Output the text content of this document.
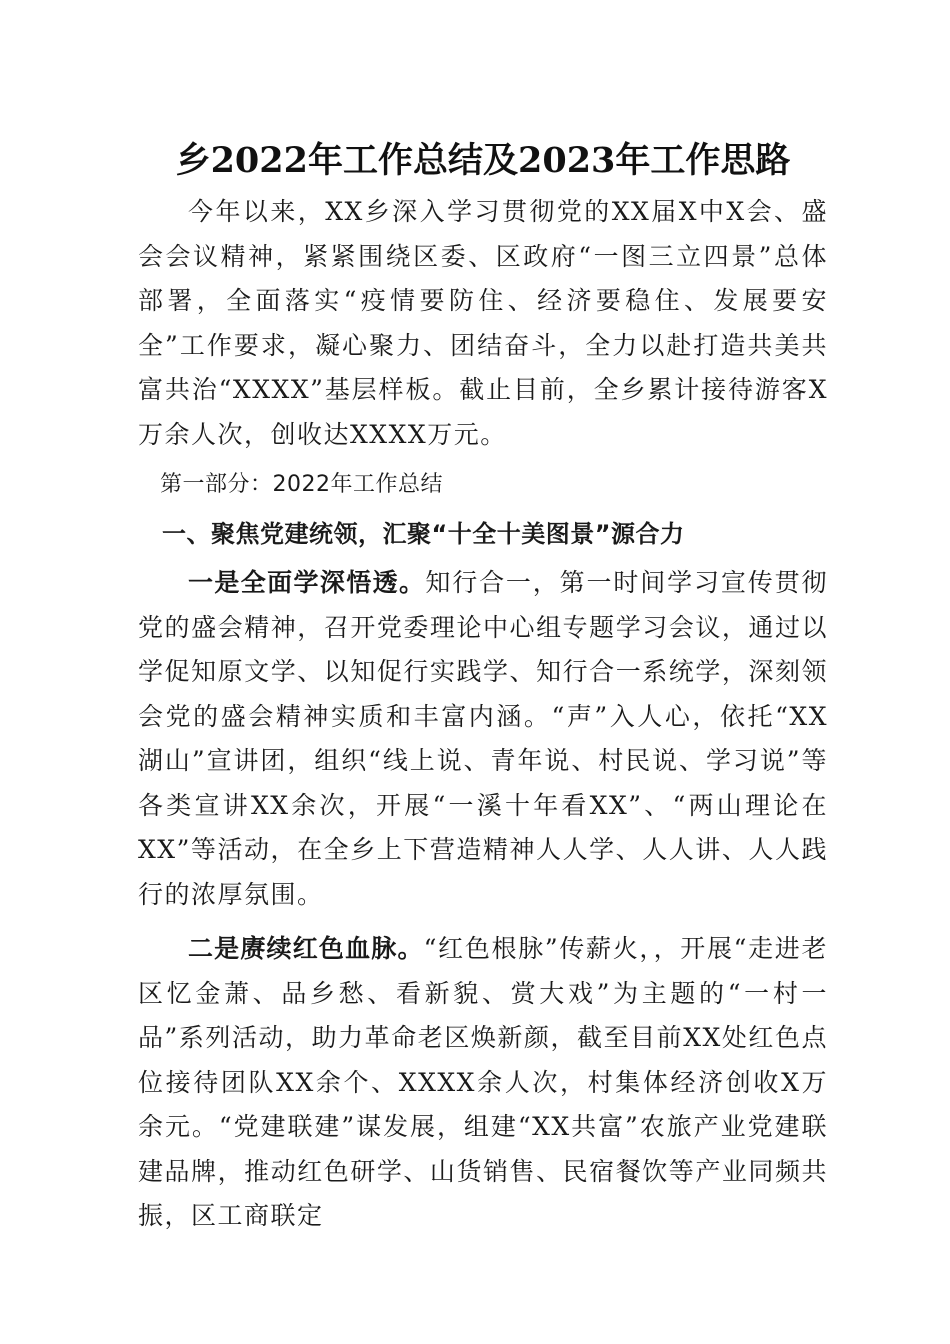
乡2022年工作总结及2023年工作思路

今年以来，XX乡深入学习贯彻党的XX届X中X会、盛会会议精神，紧紧围绕区委、区政府“一图三立四景”总体部署，全面落实“疫情要防住、经济要稳住、发展要安全”工作要求，凝心聚力、团结奋斗，全力以赴打造共美共富共治“XXXX”基层样板。截止目前，全乡累计接待游客X万余人次，创收达XXXX万元。

第一部分：2022年工作总结

一、聚焦党建统领，汇聚“十全十美图景”源合力

一是全面学深悟透。知行合一，第一时间学习宣传贯彻党的盛会精神，召开党委理论中心组专题学习会议，通过以学促知原文学、以知促行实践学、知行合一系统学，深刻领会党的盛会精神实质和丰富内涵。“声”入人心，依托“XX湖山”宣讲团，组织“线上说、青年说、村民说、学习说”等各类宣讲XX余次，开展“一溪十年看XX”、“两山理论在XX”等活动，在全乡上下营造精神人人学、人人讲、人人践行的浓厚氛围。

二是赓续红色血脉。“红色根脉”传薪火，，开展“走进老区忆金萧、品乡愁、看新貌、赏大戏”为主题的“一村一品”系列活动，助力革命老区焕新颜，截至目前XX处红色点位接待团队XX余个、XXXX余人次，村集体经济创收X万余元。“党建联建”谋发展，组建“XX共富”农旅产业党建联建品牌，推动红色研学、山货销售、民宿餐饮等产业同频共振，区工商联定
